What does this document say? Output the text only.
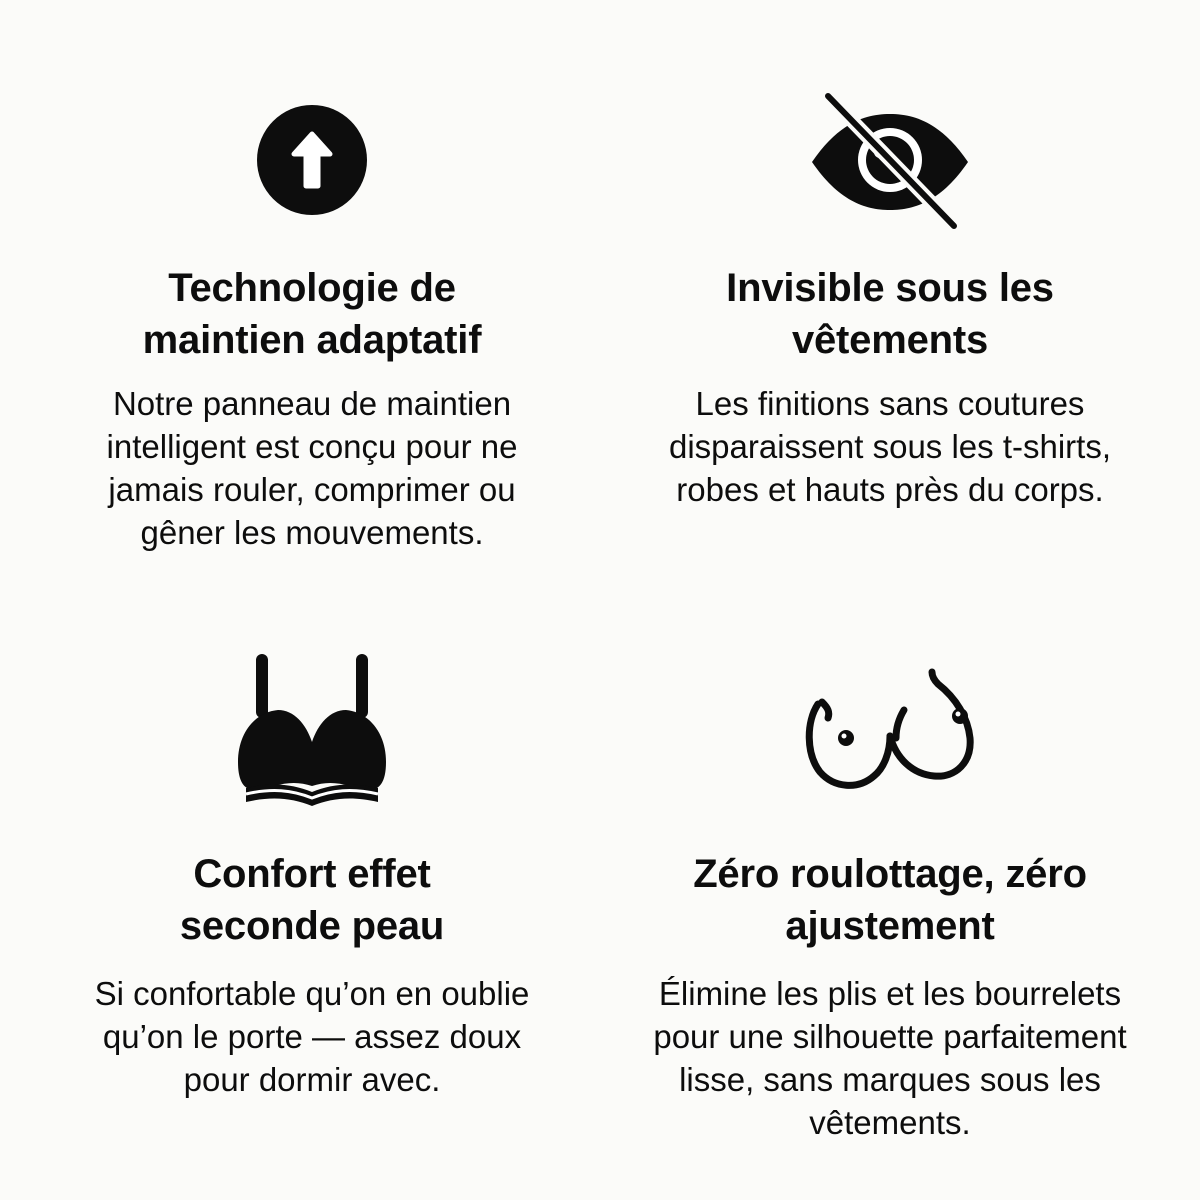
Technologie de
maintien adaptatif

Notre panneau de maintien
intelligent est conçu pour ne
jamais rouler, comprimer ou
gêner les mouvements.

Invisible sous les
vêtements

Les finitions sans coutures
disparaissent sous les t-shirts,
robes et hauts près du corps.

Confort effet
seconde peau

Si confortable qu’on en oublie
qu’on le porte — assez doux
pour dormir avec.

Zéro roulottage, zéro
ajustement

Élimine les plis et les bourrelets
pour une silhouette parfaitement
lisse, sans marques sous les
vêtements.
